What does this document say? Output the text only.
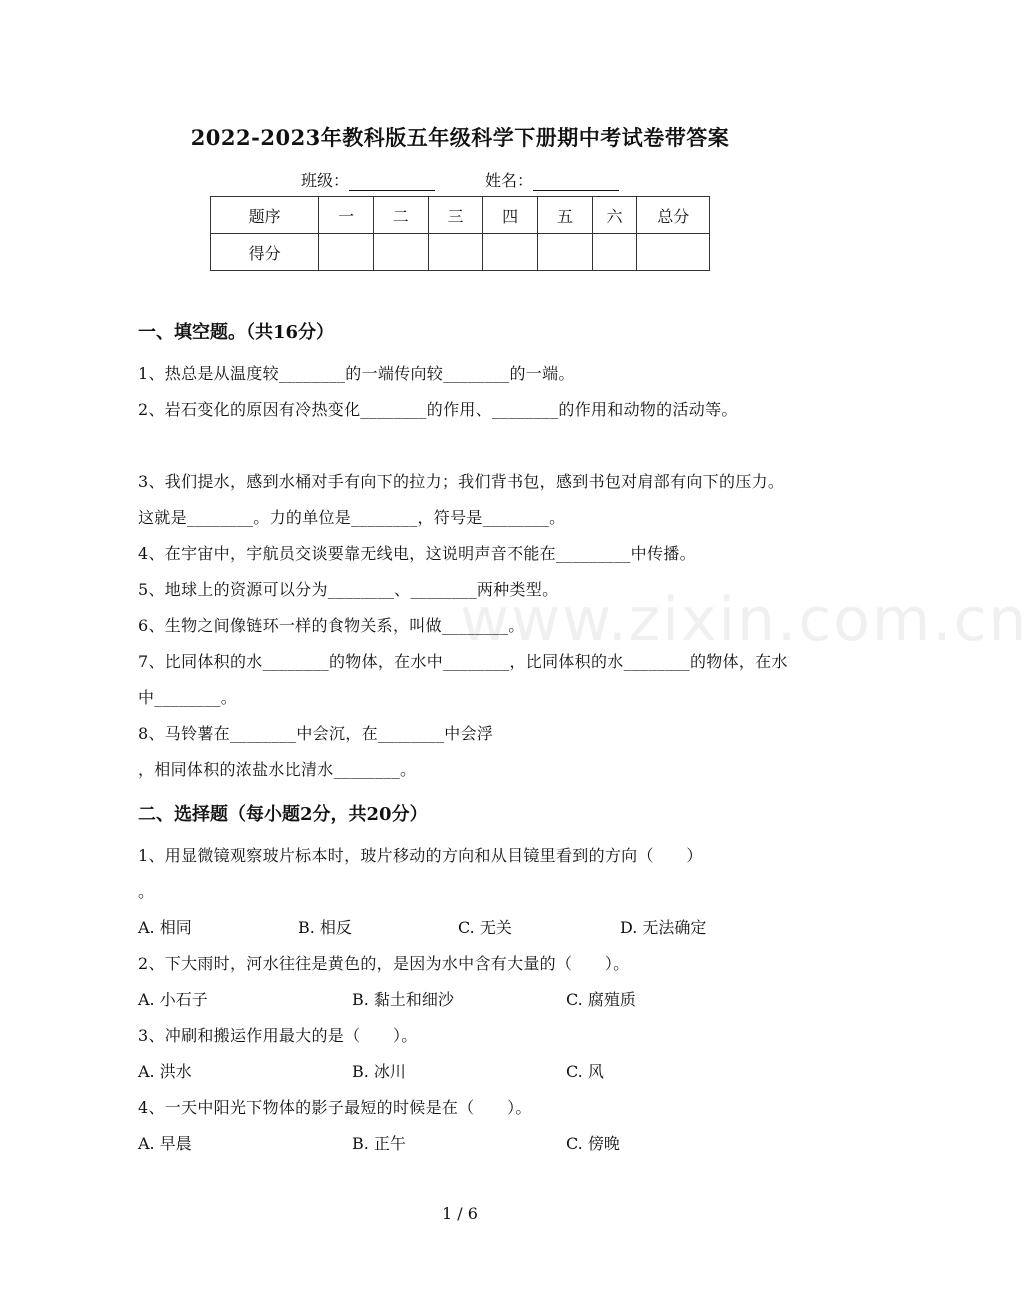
2022-2023年教科版五年级科学下册期中考试卷带答案
班级：	姓名：
题序	一	二	三	四	五	六	总分
得分							
一、填空题。（共16分）
1、热总是从温度较________的一端传向较________的一端。
2、岩石变化的原因有冷热变化________的作用、________的作用和动物的活动等。
3、我们提水，感到水桶对手有向下的拉力；我们背书包，感到书包对肩部有向下的压力。这就是________。力的单位是________，符号是________。
4、在宇宙中，宇航员交谈要靠无线电，这说明声音不能在_________中传播。
5、地球上的资源可以分为________、________两种类型。
6、生物之间像链环一样的食物关系，叫做________。
7、比同体积的水________的物体，在水中________，比同体积的水________的物体，在水中________。
8、马铃薯在________中会沉，在________中会浮
，相同体积的浓盐水比清水________。
二、选择题（每小题2分，共20分）
1、用显微镜观察玻片标本时，玻片移动的方向和从目镜里看到的方向（　　）
。
A. 相同	B. 相反	C. 无关	D. 无法确定
2、下大雨时，河水往往是黄色的，是因为水中含有大量的（　　）。
A. 小石子	B. 黏土和细沙	C. 腐殖质
3、冲刷和搬运作用最大的是（　　）。
A. 洪水	B. 冰川	C. 风
4、一天中阳光下物体的影子最短的时候是在（　　）。
A. 早晨	B. 正午	C. 傍晚
www.zixin.com.cn
1 / 6
